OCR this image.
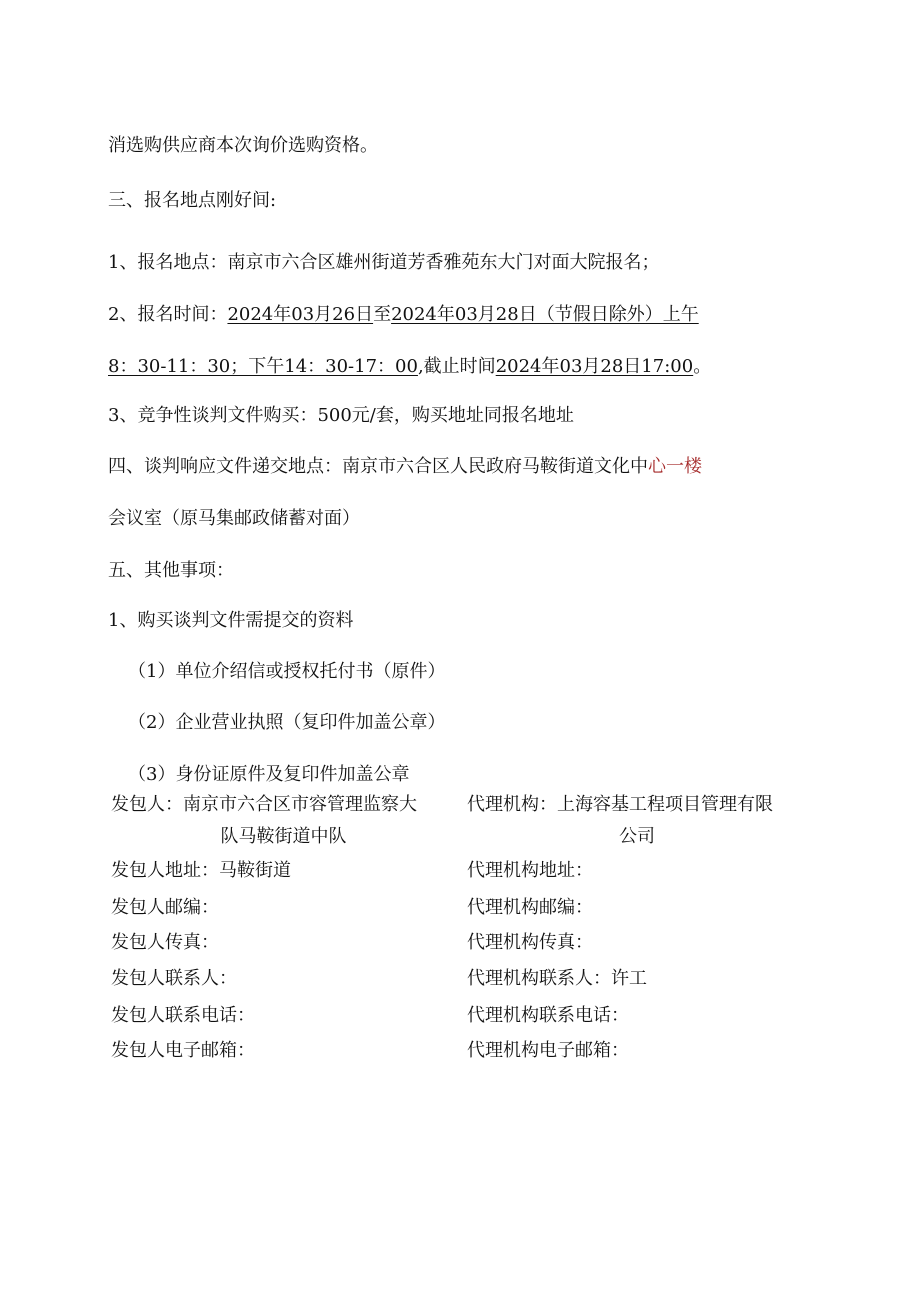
消选购供应商本次询价选购资格。
三、报名地点刚好间:
1、报名地点：南京市六合区雄州街道芳香雅苑东大门对面大院报名；
2、报名时间：2024年03月26日至2024年03月28日（节假日除外）上午
8：30-11：30；下午14：30-17：00,截止时间2024年03月28日17:00。
3、竞争性谈判文件购买：500元/套，购买地址同报名地址
四、谈判响应文件递交地点：南京市六合区人民政府马鞍街道文化中心一楼
会议室（原马集邮政储蓄对面）
五、其他事项：
1、购买谈判文件需提交的资料
（1）单位介绍信或授权托付书（原件）
（2）企业营业执照（复印件加盖公章）
（3）身份证原件及复印件加盖公章
发包人：南京市六合区市容管理监察大	代理机构：上海容基工程项目管理有限
队马鞍街道中队	公司
发包人地址：马鞍街道	代理机构地址：
发包人邮编：	代理机构邮编：
发包人传真：	代理机构传真：
发包人联系人：	代理机构联系人：许工
发包人联系电话：	代理机构联系电话：
发包人电子邮箱：	代理机构电子邮箱：
